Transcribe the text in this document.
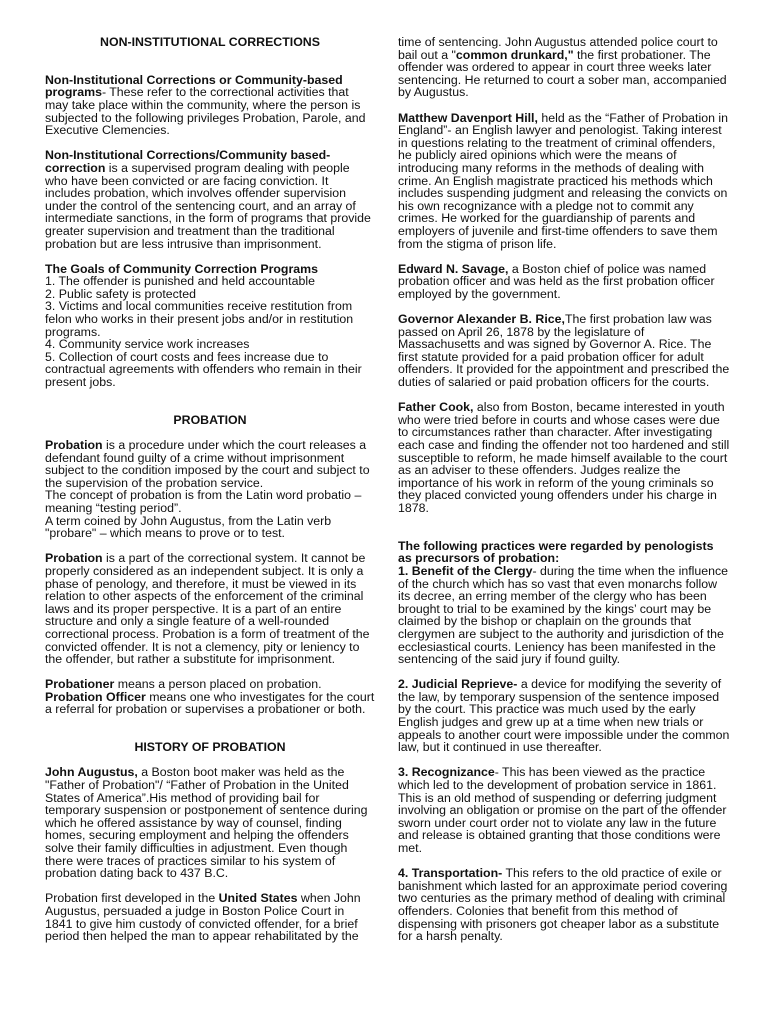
NON-INSTITUTIONAL CORRECTIONS

Non-Institutional Corrections or Community-based programs- These refer to the correctional activities that may take place within the community, where the person is subjected to the following privileges Probation, Parole, and Executive Clemencies.

Non-Institutional Corrections/Community based-correction is a supervised program dealing with people who have been convicted or are facing conviction. It includes probation, which involves offender supervision under the control of the sentencing court, and an array of intermediate sanctions, in the form of programs that provide greater supervision and treatment than the traditional probation but are less intrusive than imprisonment.

The Goals of Community Correction Programs

1. The offender is punished and held accountable

2. Public safety is protected

3. Victims and local communities receive restitution from felon who works in their present jobs and/or in restitution programs.

4. Community service work increases

5. Collection of court costs and fees increase due to contractual agreements with offenders who remain in their present jobs.

PROBATION

Probation is a procedure under which the court releases a defendant found guilty of a crime without imprisonment subject to the condition imposed by the court and subject to the supervision of the probation service.

The concept of probation is from the Latin word probatio – meaning “testing period”.

A term coined by John Augustus, from the Latin verb "probare" – which means to prove or to test.

Probation is a part of the correctional system. It cannot be properly considered as an independent subject. It is only a phase of penology, and therefore, it must be viewed in its relation to other aspects of the enforcement of the criminal laws and its proper perspective. It is a part of an entire structure and only a single feature of a well-rounded correctional process. Probation is a form of treatment of the convicted offender. It is not a clemency, pity or leniency to the offender, but rather a substitute for imprisonment.

Probationer means a person placed on probation.

Probation Officer means one who investigates for the court a referral for probation or supervises a probationer or both.

HISTORY OF PROBATION

John Augustus, a Boston boot maker was held as the "Father of Probation"/ “Father of Probation in the United States of America”.His method of providing bail for temporary suspension or postponement of sentence during which he offered assistance by way of counsel, finding homes, securing employment and helping the offenders solve their family difficulties in adjustment. Even though there were traces of practices similar to his system of probation dating back to 437 B.C.

Probation first developed in the United States when John Augustus, persuaded a judge in Boston Police Court in 1841 to give him custody of convicted offender, for a brief period then helped the man to appear rehabilitated by the

time of sentencing. John Augustus attended police court to bail out a "common drunkard," the first probationer. The offender was ordered to appear in court three weeks later sentencing. He returned to court a sober man, accompanied by Augustus.

Matthew Davenport Hill, held as the “Father of Probation in England”- an English lawyer and penologist. Taking interest in questions relating to the treatment of criminal offenders, he publicly aired opinions which were the means of introducing many reforms in the methods of dealing with crime. An English magistrate practiced his methods which includes suspending judgment and releasing the convicts on his own recognizance with a pledge not to commit any crimes. He worked for the guardianship of parents and employers of juvenile and first-time offenders to save them from the stigma of prison life.

Edward N. Savage, a Boston chief of police was named probation officer and was held as the first probation officer employed by the government.

Governor Alexander B. Rice,The first probation law was passed on April 26, 1878 by the legislature of Massachusetts and was signed by Governor A. Rice. The first statute provided for a paid probation officer for adult offenders. It provided for the appointment and prescribed the duties of salaried or paid probation officers for the courts.

Father Cook, also from Boston, became interested in youth who were tried before in courts and whose cases were due to circumstances rather than character. After investigating each case and finding the offender not too hardened and still susceptible to reform, he made himself available to the court as an adviser to these offenders. Judges realize the importance of his work in reform of the young criminals so they placed convicted young offenders under his charge in 1878.

The following practices were regarded by penologists as precursors of probation:

1. Benefit of the Clergy- during the time when the influence of the church which has so vast that even monarchs follow its decree, an erring member of the clergy who has been brought to trial to be examined by the kings’ court may be claimed by the bishop or chaplain on the grounds that clergymen are subject to the authority and jurisdiction of the ecclesiastical courts. Leniency has been manifested in the sentencing of the said jury if found guilty.

2. Judicial Reprieve- a device for modifying the severity of the law, by temporary suspension of the sentence imposed by the court. This practice was much used by the early English judges and grew up at a time when new trials or appeals to another court were impossible under the common law, but it continued in use thereafter.

3. Recognizance- This has been viewed as the practice which led to the development of probation service in 1861. This is an old method of suspending or deferring judgment involving an obligation or promise on the part of the offender sworn under court order not to violate any law in the future and release is obtained granting that those conditions were met.

4. Transportation- This refers to the old practice of exile or banishment which lasted for an approximate period covering two centuries as the primary method of dealing with criminal offenders. Colonies that benefit from this method of dispensing with prisoners got cheaper labor as a substitute for a harsh penalty.
